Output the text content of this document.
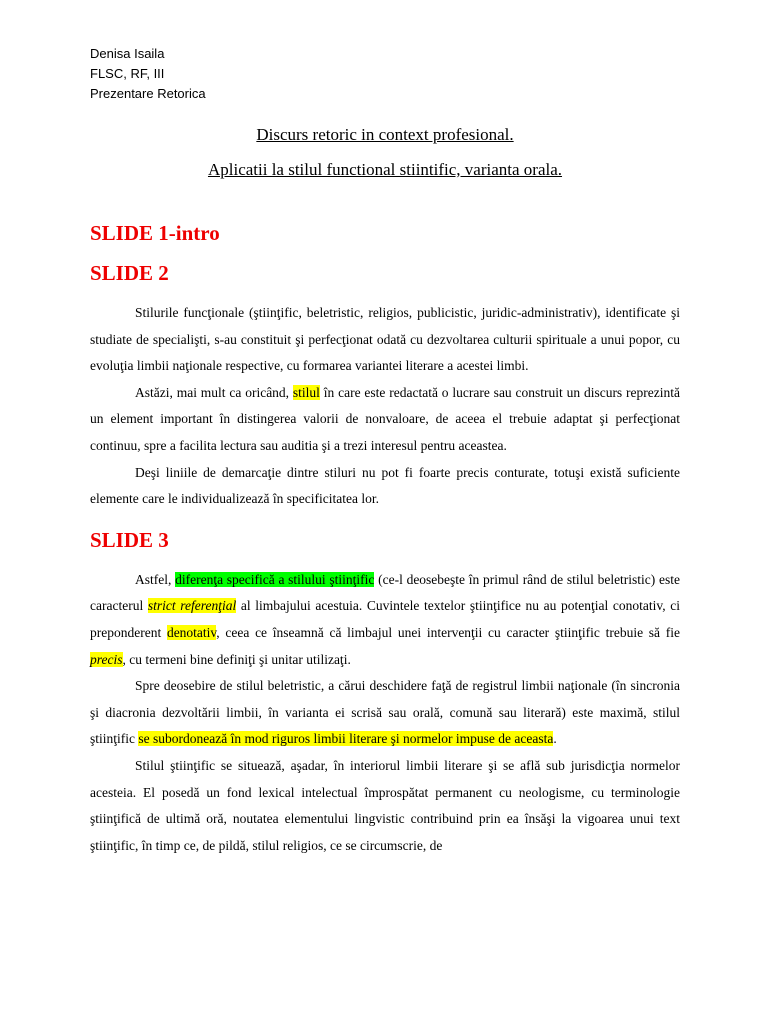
Denisa Isaila
FLSC, RF, III
Prezentare Retorica
Discurs retoric in context profesional.
Aplicatii la stilul functional stiintific, varianta orala.
SLIDE 1-intro
SLIDE 2

Stilurile funcţionale (ştiinţific, beletristic, religios, publicistic, juridic-administrativ), identificate şi studiate de specialişti, s-au constituit şi perfecţionat odată cu dezvoltarea culturii spirituale a unui popor, cu evoluţia limbii naţionale respective, cu formarea variantei literare a acestei limbi.

Astăzi, mai mult ca oricând, stilul în care este redactată o lucrare sau construit un discurs reprezintă un element important în distingerea valorii de nonvaloare, de aceea el trebuie adaptat şi perfecţionat continuu, spre a facilita lectura sau auditia şi a trezi interesul pentru aceastea.

Deşi liniile de demarcaţie dintre stiluri nu pot fi foarte precis conturate, totuşi există suficiente elemente care le individualizează în specificitatea lor.

SLIDE 3

Astfel, diferenţa specifică a stilului ştiinţific (ce-l deosebeşte în primul rând de stilul beletristic) este caracterul strict referenţial al limbajului acestuia. Cuvintele textelor ştiinţifice nu au potenţial conotativ, ci preponderent denotativ, ceea ce înseamnă că limbajul unei intervenţii cu caracter ştiinţific trebuie să fie precis, cu termeni bine definiţi şi unitar utilizaţi.

Spre deosebire de stilul beletristic, a cărui deschidere faţă de registrul limbii naţionale (în sincronia şi diacronia dezvoltării limbii, în varianta ei scrisă sau orală, comună sau literară) este maximă, stilul ştiinţific se subordonează în mod riguros limbii literare şi normelor impuse de aceasta.

Stilul ştiinţific se situează, aşadar, în interiorul limbii literare şi se află sub jurisdicţia normelor acesteia. El posedă un fond lexical intelectual împrospătat permanent cu neologisme, cu terminologie ştiinţifică de ultimă oră, noutatea elementului lingvistic contribuind prin ea însăşi la vigoarea unui text ştiinţific, în timp ce, de pildă, stilul religios, ce se circumscrie, de
